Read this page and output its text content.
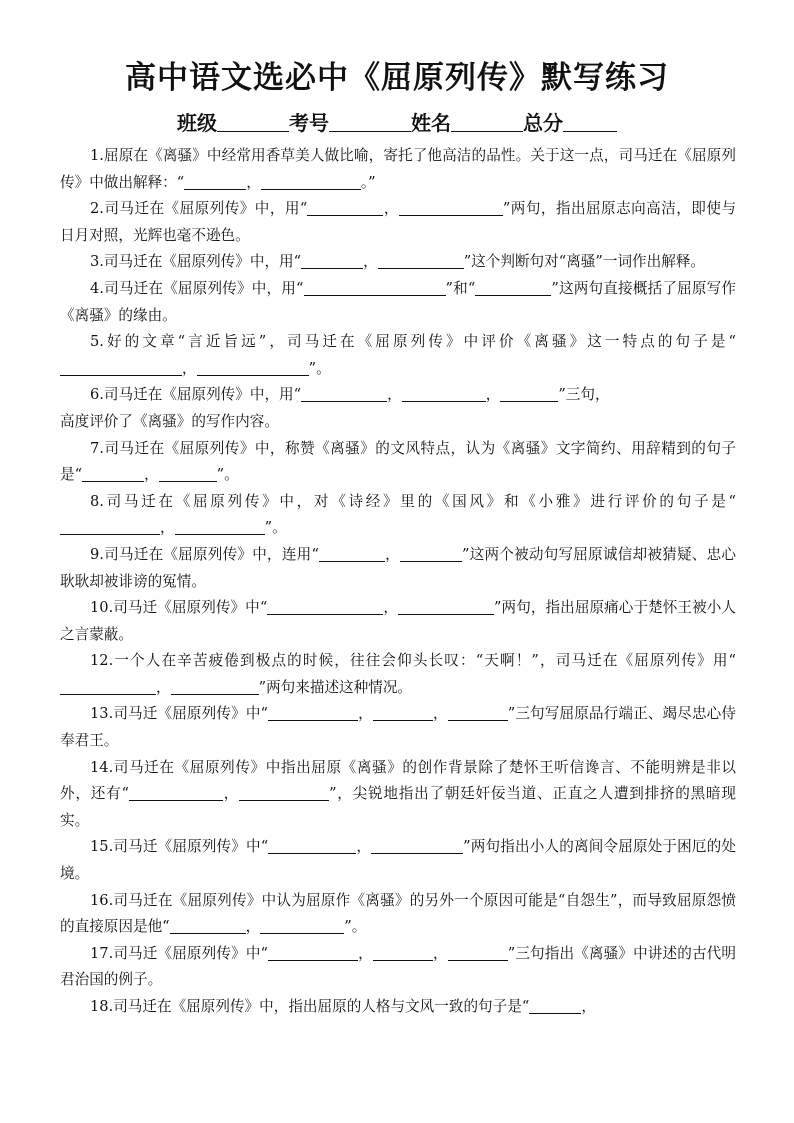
高中语文选必中《屈原列传》默写练习
班级	考号	姓名	总分

1.屈原在《离骚》中经常用香草美人做比喻，寄托了他高洁的品性。关于这一点，司马迁在《屈原列传》中做出解释：“	，	。”

2.司马迁在《屈原列传》中，用“	，	”两句，指出屈原志向高洁，即使与日月对照，光辉也毫不逊色。

3.司马迁在《屈原列传》中，用“	，	”这个判断句对“离骚”一词作出解释。

4.司马迁在《屈原列传》中，用“	”和“	”这两句直接概括了屈原写作《离骚》的缘由。

5.好的文章“言近旨远”，司马迁在《屈原列传》中评价《离骚》这一特点的句子是“，	”。

6.司马迁在《屈原列传》中，用“	，	，	”三句，
高度评价了《离骚》的写作内容。

7.司马迁在《屈原列传》中，称赞《离骚》的文风特点，认为《离骚》文字简约、用辞精到的句子是“	，	”。

8.司马迁在《屈原列传》中，对《诗经》里的《国风》和《小雅》进行评价的句子是“，	”。

9.司马迁在《屈原列传》中，连用“	，	”这两个被动句写屈原诚信却被猜疑、忠心耿耿却被诽谤的冤情。

10.司马迁《屈原列传》中“	，	”两句，指出屈原痛心于楚怀王被小人之言蒙蔽。

12.一个人在辛苦疲倦到极点的时候，往往会仰头长叹：“天啊！”，司马迁在《屈原列传》用“，	”两句来描述这种情况。

13.司马迁《屈原列传》中“	，	，	”三句写屈原品行端正、竭尽忠心侍奉君王。

14.司马迁在《屈原列传》中指出屈原《离骚》的创作背景除了楚怀王听信谗言、不能明辨是非以外，还有“	，	”，尖锐地指出了朝廷奸佞当道、正直之人遭到排挤的黑暗现实。

15.司马迁《屈原列传》中“	，	”两句指出小人的离间令屈原处于困厄的处境。

16.司马迁在《屈原列传》中认为屈原作《离骚》的另外一个原因可能是“自怨生”，而导致屈原怨愤的直接原因是他“	，	”。

17.司马迁《屈原列传》中“	，	，	”三句指出《离骚》中讲述的古代明君治国的例子。

18.司马迁在《屈原列传》中，指出屈原的人格与文风一致的句子是“	，
